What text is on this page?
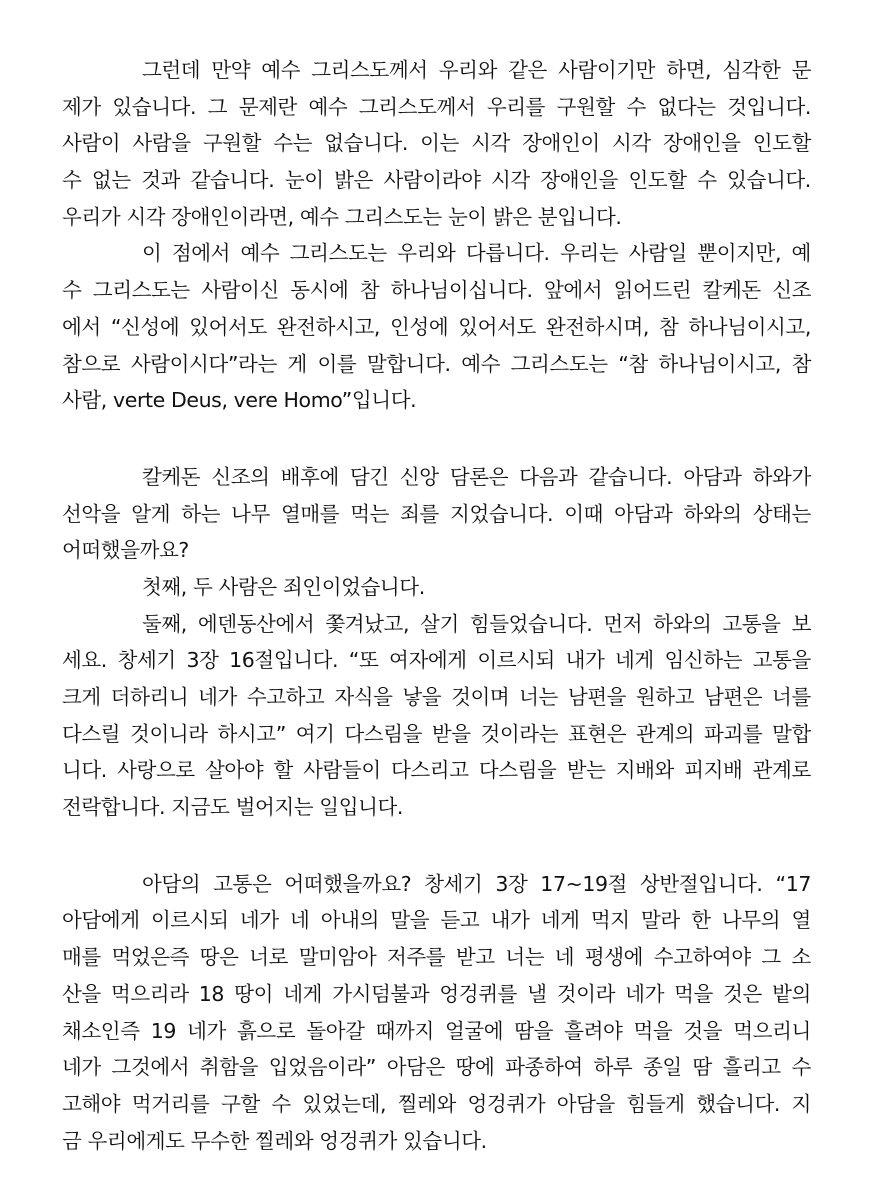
그런데 만약 예수 그리스도께서 우리와 같은 사람이기만 하면, 심각한 문
제가 있습니다. 그 문제란 예수 그리스도께서 우리를 구원할 수 없다는 것입니다.
사람이 사람을 구원할 수는 없습니다. 이는 시각 장애인이 시각 장애인을 인도할
수 없는 것과 같습니다. 눈이 밝은 사람이라야 시각 장애인을 인도할 수 있습니다.
우리가 시각 장애인이라면, 예수 그리스도는 눈이 밝은 분입니다.
이 점에서 예수 그리스도는 우리와 다릅니다. 우리는 사람일 뿐이지만, 예
수 그리스도는 사람이신 동시에 참 하나님이십니다. 앞에서 읽어드린 칼케돈 신조
에서 “신성에 있어서도 완전하시고, 인성에 있어서도 완전하시며, 참 하나님이시고,
참으로 사람이시다”라는 게 이를 말합니다. 예수 그리스도는 “참 하나님이시고, 참
사람, verte Deus, vere Homo”입니다.
칼케돈 신조의 배후에 담긴 신앙 담론은 다음과 같습니다. 아담과 하와가
선악을 알게 하는 나무 열매를 먹는 죄를 지었습니다. 이때 아담과 하와의 상태는
어떠했을까요?
첫째, 두 사람은 죄인이었습니다.
둘째, 에덴동산에서 쫓겨났고, 살기 힘들었습니다. 먼저 하와의 고통을 보
세요. 창세기 3장 16절입니다. “또 여자에게 이르시되 내가 네게 임신하는 고통을
크게 더하리니 네가 수고하고 자식을 낳을 것이며 너는 남편을 원하고 남편은 너를
다스릴 것이니라 하시고” 여기 다스림을 받을 것이라는 표현은 관계의 파괴를 말합
니다. 사랑으로 살아야 할 사람들이 다스리고 다스림을 받는 지배와 피지배 관계로
전락합니다. 지금도 벌어지는 일입니다.
아담의 고통은 어떠했을까요? 창세기 3장 17~19절 상반절입니다. “17
아담에게 이르시되 네가 네 아내의 말을 듣고 내가 네게 먹지 말라 한 나무의 열
매를 먹었은즉 땅은 너로 말미암아 저주를 받고 너는 네 평생에 수고하여야 그 소
산을 먹으리라 18 땅이 네게 가시덤불과 엉겅퀴를 낼 것이라 네가 먹을 것은 밭의
채소인즉 19 네가 흙으로 돌아갈 때까지 얼굴에 땀을 흘려야 먹을 것을 먹으리니
네가 그것에서 취함을 입었음이라” 아담은 땅에 파종하여 하루 종일 땀 흘리고 수
고해야 먹거리를 구할 수 있었는데, 찔레와 엉겅퀴가 아담을 힘들게 했습니다. 지
금 우리에게도 무수한 찔레와 엉겅퀴가 있습니다.
